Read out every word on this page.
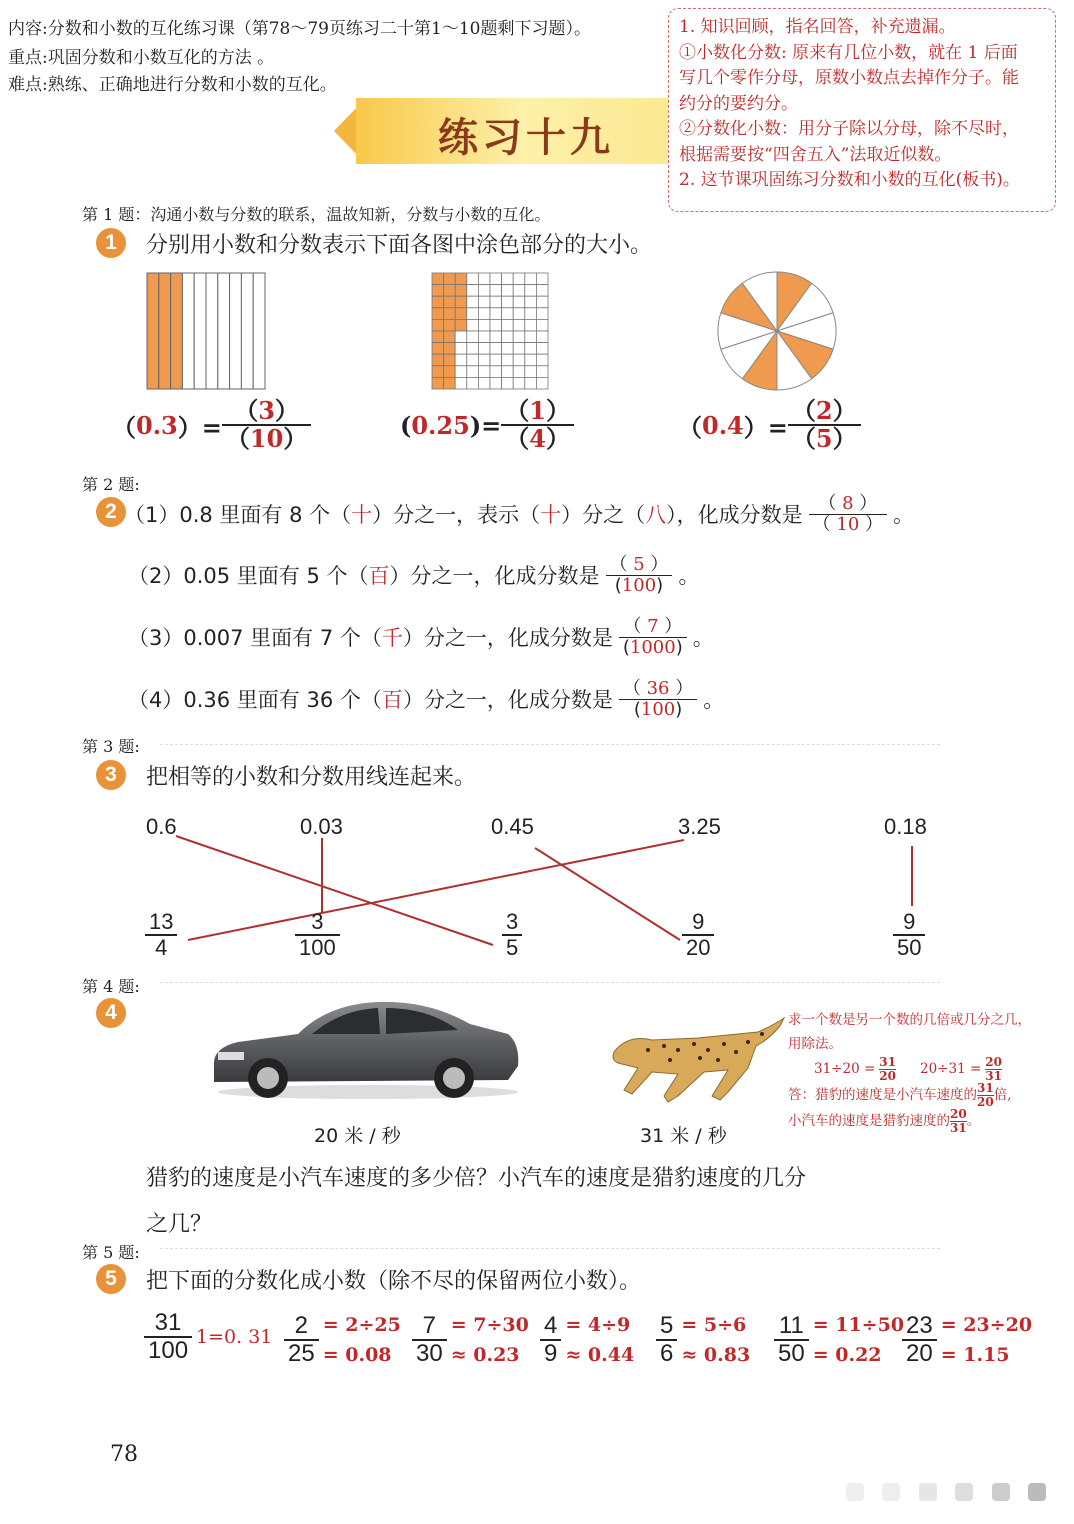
内容:分数和小数的互化练习课（第78～79页练习二十第1～10题剩下习题）。
重点:巩固分数和小数互化的方法 。
难点:熟练、正确地进行分数和小数的互化。
练习十九
1. 知识回顾，指名回答，补充遗漏。
①小数化分数: 原来有几位小数，就在 1 后面
写几个零作分母，原数小数点去掉作分子。能
约分的要约分。
②分数化小数：用分子除以分母，除不尽时，
根据需要按“四舍五入”法取近似数。
2. 这节课巩固练习分数和小数的互化(板书)。
第 1 题：沟通小数与分数的联系，温故知新，分数与小数的互化。
1	分别用小数和分数表示下面各图中涂色部分的大小。
（ 0.3 ）= $\frac{(3)}{(10)}$	( 0.25 )= $\frac{(1)}{(4)}$	（ 0.4 ）= $\frac{(2)}{(5)}$
第 2 题:
2 （1）0.8 里面有 8 个（ 十 ）分之一，表示（ 十 ）分之（ 八 ），化成分数是 $\frac{( 8 )}{( 10 )}$ 。
（2）0.05 里面有 5 个（ 百 ）分之一，化成分数是 $\frac{( 5 )}{(100)}$ 。
（3）0.007 里面有 7 个（ 千 ）分之一，化成分数是 $\frac{( 7 )}{(1000)}$ 。
（4）0.36 里面有 36 个（ 百 ）分之一，化成分数是 $\frac{( 36 )}{(100)}$ 。
第 3 题:
3	把相等的小数和分数用线连起来。
0.6	0.03	0.45	3.25	0.18
13
4
3
100
3
5
9
20
9
50
第 4 题:
4
20 米 / 秒	31 米 / 秒
求一个数是另一个数的几倍或几分之几，
用除法。
$31\div 20 = \frac{31}{20} 20\div 31 = \frac{20}{31}$
答：猎豹的速度是小汽车速度的 $\frac{31}{20}$ 倍,
小汽车的速度是猎豹速度的 $\frac{20}{31}$ 。
猎豹的速度是小汽车速度的多少倍？小汽车的速度是猎豹速度的几分
之几？
第 5 题:
5	把下面的分数化成小数（除不尽的保留两位小数）。
$\frac{31}{100} 1=0$. $31 \frac{2}{25} = 2\div 25$
= $0.08 \frac{7}{30} = 7\div 30$
≈ $0.23 \frac{4}{9} = 4\div 9$
≈ $0.44 \frac{5}{6} = 5\div 6$
≈ $0.83 \frac{11}{50} = 11\div 50$
= $0.22 \frac{23}{20} = 23\div 20$
= 1.15
78
